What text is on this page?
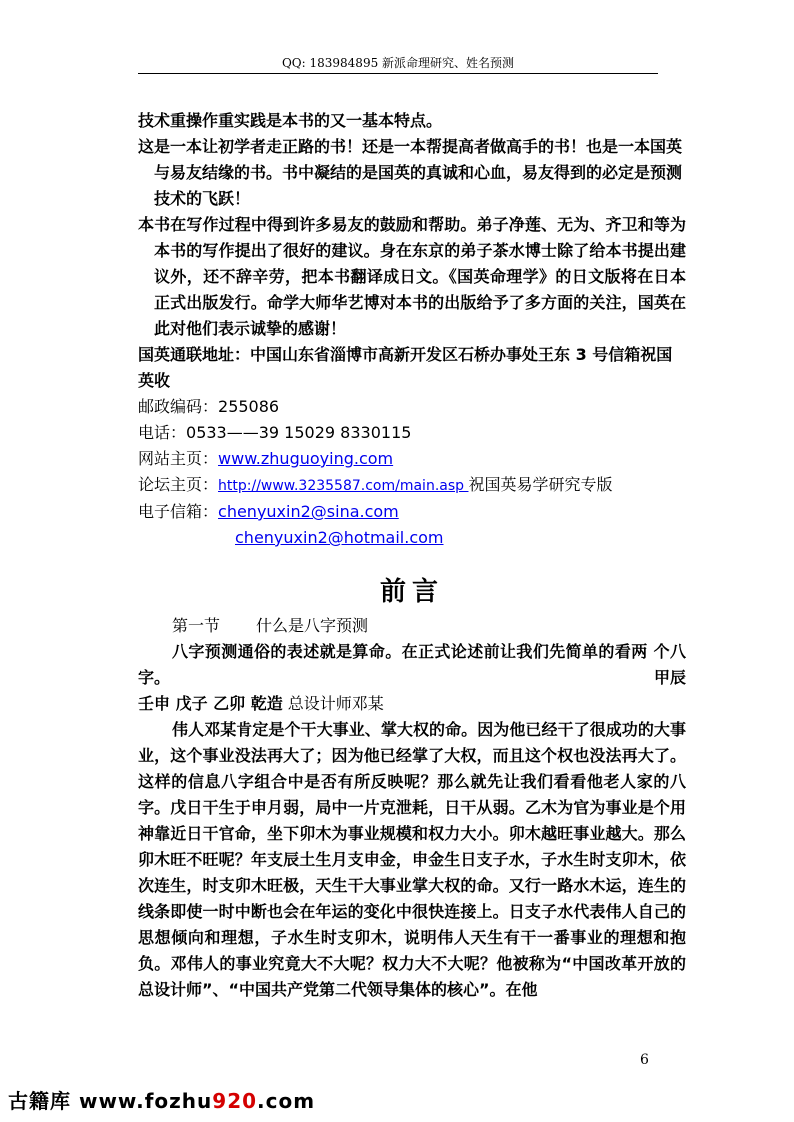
QQ: 183984895 新派命理研究、姓名预测

技术重操作重实践是本书的又一基本特点。

这是一本让初学者走正路的书！还是一本帮提高者做高手的书！也是一本国英与易友结缘的书。书中凝结的是国英的真诚和心血，易友得到的必定是预测技术的飞跃！

本书在写作过程中得到许多易友的鼓励和帮助。弟子净莲、无为、齐卫和等为本书的写作提出了很好的建议。身在东京的弟子茶水博士除了给本书提出建议外，还不辞辛劳，把本书翻译成日文。《国英命理学》的日文版将在日本正式出版发行。命学大师华艺博对本书的出版给予了多方面的关注，国英在此对他们表示诚挚的感谢！

国英通联地址：中国山东省淄博市高新开发区石桥办事处王东 3 号信箱祝国英收

邮政编码：255086

电话：0533——39 15029 8330115

网站主页：www.zhuguoying.com

论坛主页：http://www.3235587.com/main.asp 祝国英易学研究专版

电子信箱：chenyuxin2@sina.com

chenyuxin2@hotmail.com

前言

第一节 什么是八字预测

八字预测通俗的表述就是算命。在正式论述前让我们先简单的看两 个八字。	甲辰

壬申 戊子 乙卯 乾造 总设计师邓某

伟人邓某肯定是个干大事业、掌大权的命。因为他已经干了很成功的大事业，这个事业没法再大了；因为他已经掌了大权，而且这个权也没法再大了。这样的信息八字组合中是否有所反映呢？那么就先让我们看看他老人家的八字。戊日干生于申月弱，局中一片克泄耗，日干从弱。乙木为官为事业是个用神靠近日干官命，坐下卯木为事业规模和权力大小。卯木越旺事业越大。那么卯木旺不旺呢？年支辰土生月支申金，申金生日支子水，子水生时支卯木，依次连生，时支卯木旺极，天生干大事业掌大权的命。又行一路水木运，连生的线条即使一时中断也会在年运的变化中很快连接上。日支子水代表伟人自己的思想倾向和理想，子水生时支卯木，说明伟人天生有干一番事业的理想和抱负。邓伟人的事业究竟大不大呢？权力大不大呢？他被称为“中国改革开放的总设计师”、“中国共产党第二代领导集体的核心”。在他

6
古籍库 www.fozhu920.com
